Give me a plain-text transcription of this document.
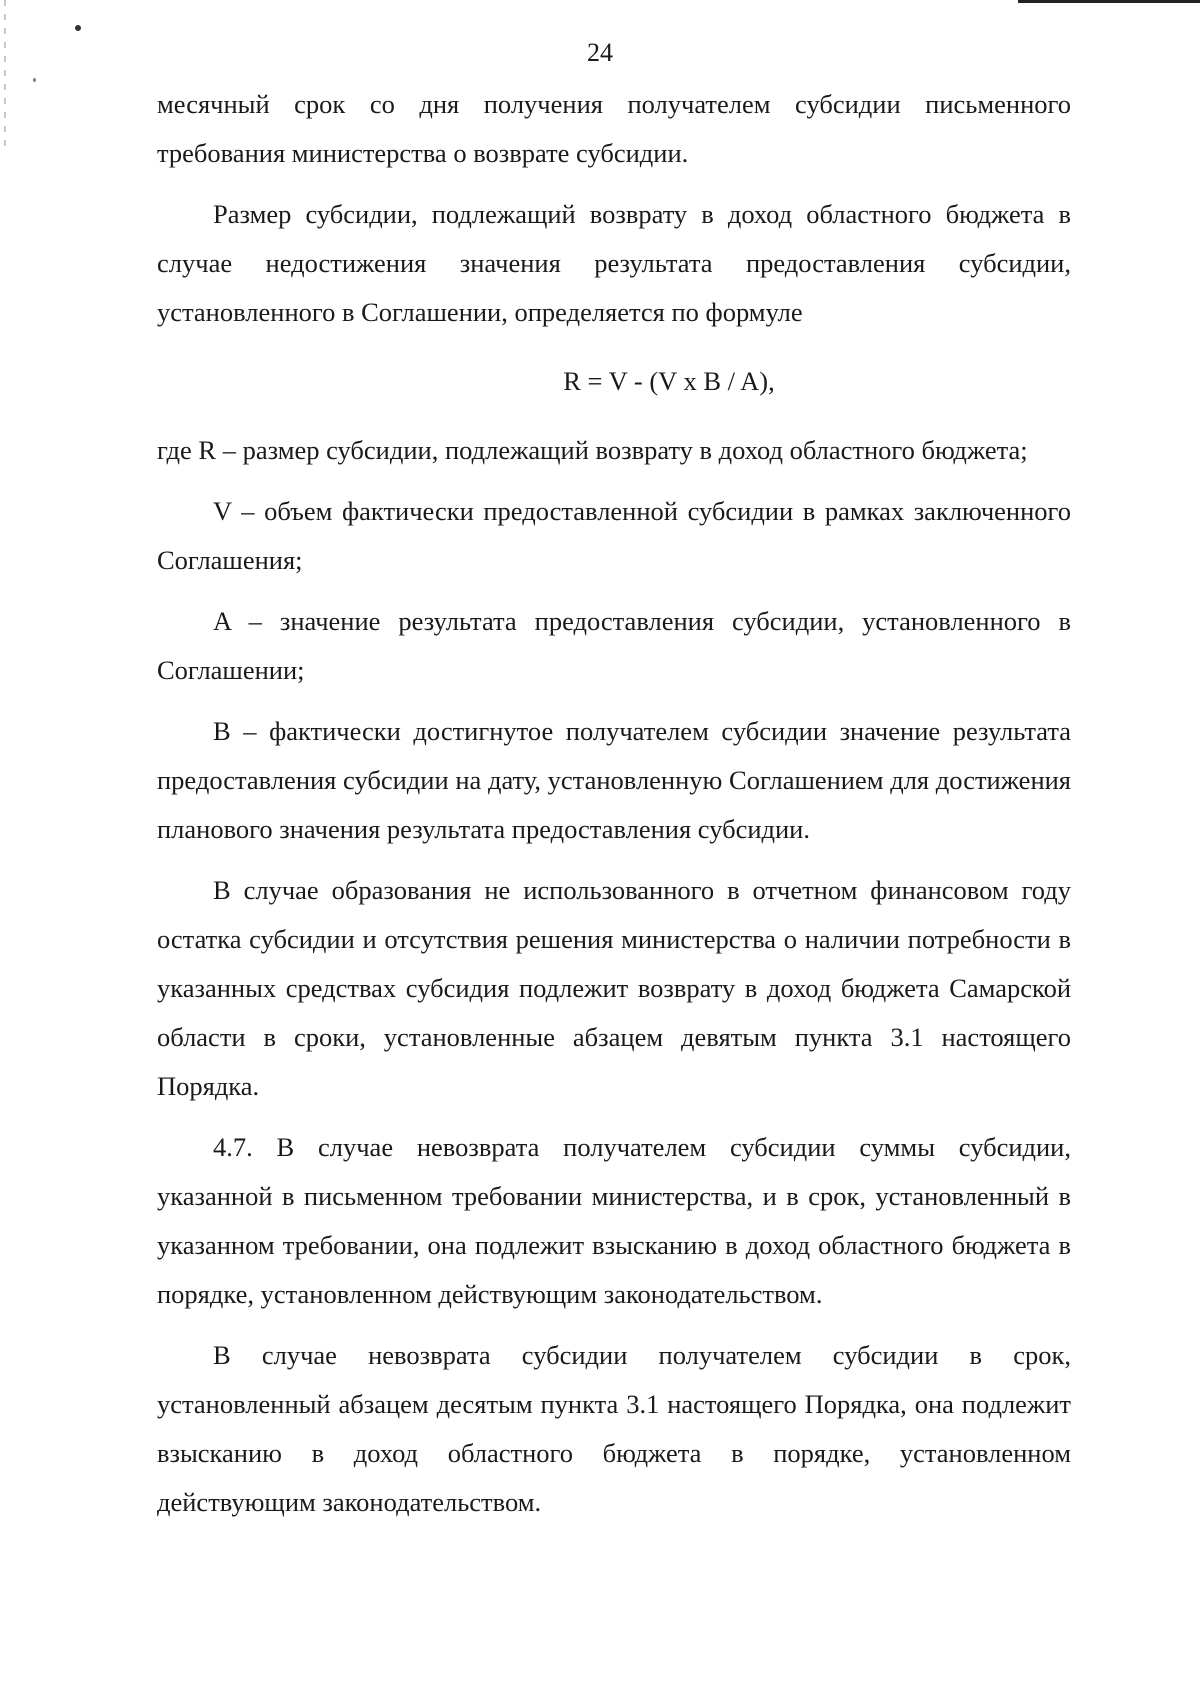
24

месячный срок со дня получения получателем субсидии письменного требования министерства о возврате субсидии.

Размер субсидии, подлежащий возврату в доход областного бюджета в случае недостижения значения результата предоставления субсидии, установленного в Соглашении, определяется по формуле

R = V - (V x B / A),

где R – размер субсидии, подлежащий возврату в доход областного бюджета;

V – объем фактически предоставленной субсидии в рамках заключенного Соглашения;

A – значение результата предоставления субсидии, установленного в Соглашении;

B – фактически достигнутое получателем субсидии значение результата предоставления субсидии на дату, установленную Соглашением для достижения планового значения результата предоставления субсидии.

В случае образования не использованного в отчетном финансовом году остатка субсидии и отсутствия решения министерства о наличии потребности в указанных средствах субсидия подлежит возврату в доход бюджета Самарской области в сроки, установленные абзацем девятым пункта 3.1 настоящего Порядка.

4.7. В случае невозврата получателем субсидии суммы субсидии, указанной в письменном требовании министерства, и в срок, установленный в указанном требовании, она подлежит взысканию в доход областного бюджета в порядке, установленном действующим законодательством.

В случае невозврата субсидии получателем субсидии в срок, установленный абзацем десятым пункта 3.1 настоящего Порядка, она подлежит взысканию в доход областного бюджета в порядке, установленном действующим законодательством.
